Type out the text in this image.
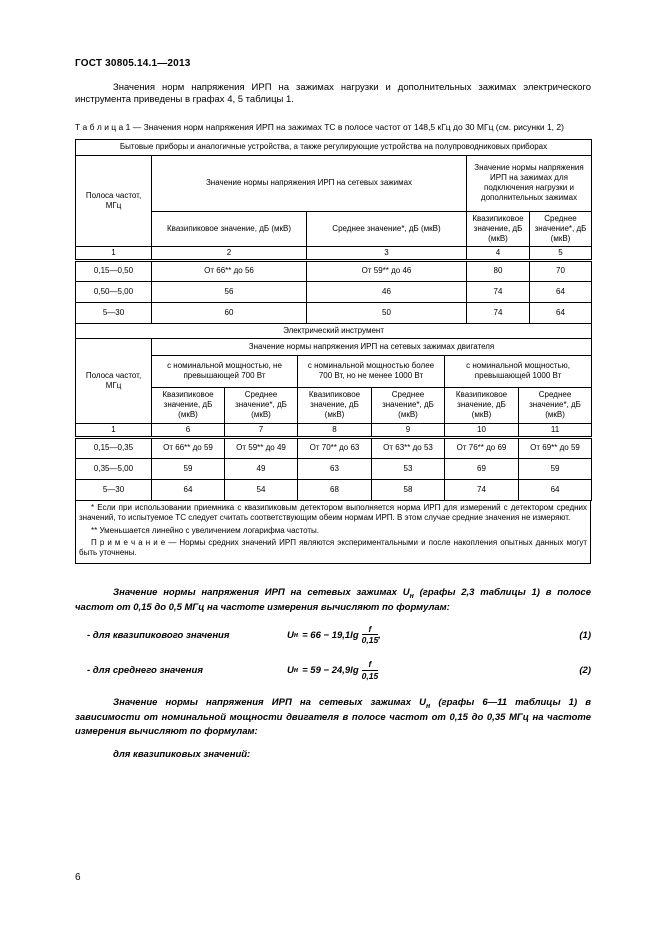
ГОСТ 30805.14.1—2013

Значения норм напряжения ИРП на зажимах нагрузки и дополнительных зажимах электрического инструмента приведены в графах 4, 5 таблицы 1.

Т а б л и ц а 1 — Значения норм напряжения ИРП на зажимах ТС в полосе частот от 148,5 кГц до 30 МГц (см. рисунки 1, 2)

Бытовые приборы и аналогичные устройства, а также регулирующие устройства на полупроводниковых приборах				
Полоса частот, МГц	Значение нормы напряжения ИРП на сетевых зажимах		Значение нормы напряжения ИРП на зажимах для подключения нагрузки и дополнительных зажимах	
	Квазипиковое значение, дБ (мкВ)	Среднее значение*, дБ (мкВ)	Квазипиковое значение, дБ (мкВ)	Среднее значение*, дБ (мкВ)
1	2	3	4	5
0,15—0,50	От 66** до 56	От 59** до 46	80	70
0,50—5,00	56	46	74	64
5—30	60	50	74	64
Электрический инструмент						
Полоса частот, МГц	Значение нормы напряжения ИРП на сетевых зажимах двигателя					
	с номинальной мощностью, не превышающей 700 Вт		с номинальной мощностью более 700 Вт, но не менее 1000 Вт		с номинальной мощностью, превышающей 1000 Вт	
	Квазипиковое значение, дБ (мкВ)	Среднее значение*, дБ (мкВ)	Квазипиковое значение, дБ (мкВ)	Среднее значение*, дБ (мкВ)	Квазипиковое значение, дБ (мкВ)	Среднее значение*, дБ (мкВ)
1	6	7	8	9	10	11
0,15—0,35	От 66** до 59	От 59** до 49	От 70** до 63	От 63** до 53	От 76** до 69	От 69** до 59
0,35—5,00	59	49	63	53	69	59
5—30	64	54	68	58	74	64

* Если при использовании приемника с квазипиковым детектором выполняется норма ИРП для измерений с детектором средних значений, то испытуемое ТС следует считать соответствующим обеим нормам ИРП. В этом случае средние значения не измеряют.

** Уменьшается линейно с увеличением логарифма частоты.

П р и м е ч а н и е — Нормы средних значений ИРП являются экспериментальными и после накопления опытных данных могут быть уточнены.

Значение нормы напряжения ИРП на сетевых зажимах $U_н$ (графы 2,3 таблицы 1) в полосе частот от 0,15 до 0,5 МГц на частоте измерения вычисляют по формулам:

- для квазипикового значения	U $н = 66 - 19,1\lg \frac{f}{0,15}$ ,	(1)
- для среднего значения	U $н = 59 - 24,9\lg \frac{f}{0,15}$	(2)

Значение нормы напряжения ИРП на сетевых зажимах $U_н$ (графы 6—11 таблицы 1) в зависимости от номинальной мощности двигателя в полосе частот от 0,15 до 0,35 МГц на частоте измерения вычисляют по формулам:

для квазипиковых значений:

6
